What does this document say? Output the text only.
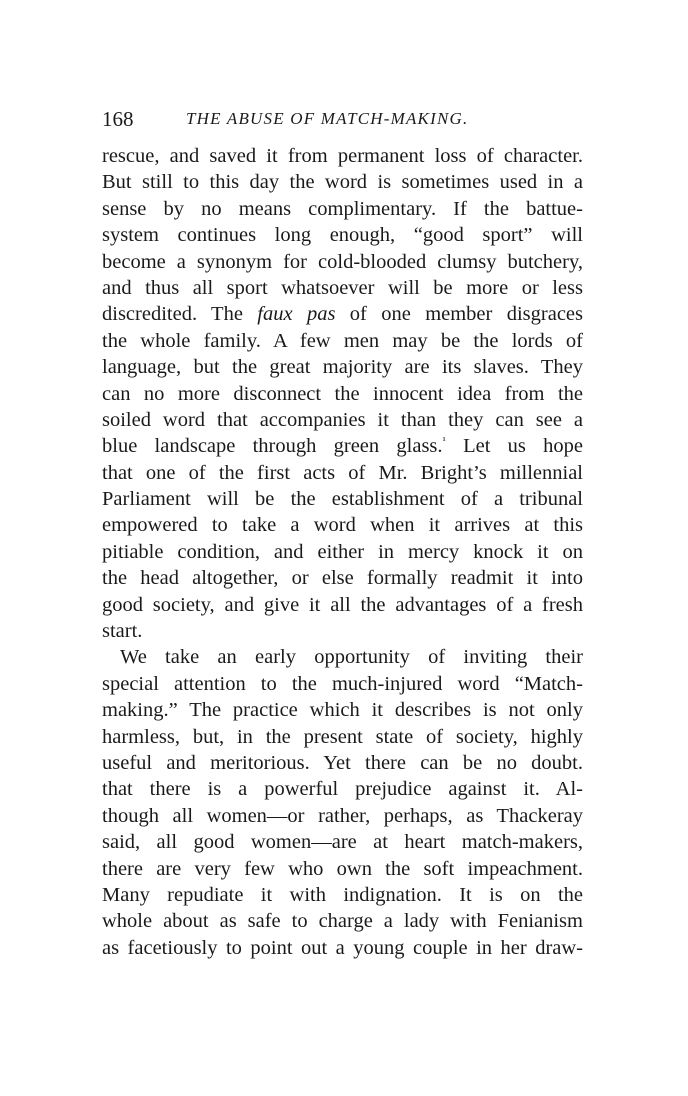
168	THE ABUSE OF MATCH-MAKING.
rescue, and saved it from permanent loss of character.
But still to this day the word is sometimes used in a
sense by no means complimentary. If the battue-
system continues long enough, “good sport” will
become a synonym for cold-blooded clumsy butchery,
and thus all sport whatsoever will be more or less
discredited. The faux pas of one member disgraces
the whole family. A few men may be the lords of
language, but the great majority are its slaves. They
can no more disconnect the innocent idea from the
soiled word that accompanies it than they can see a
blue landscape through green glass.$^{^1}$ Let us hope
that one of the first acts of Mr. Bright’s millennial
Parliament will be the establishment of a tribunal
empowered to take a word when it arrives at this
pitiable condition, and either in mercy knock it on
the head altogether, or else formally readmit it into
good society, and give it all the advantages of a fresh
start.
We take an early opportunity of inviting their
special attention to the much-injured word “Match-
making.” The practice which it describes is not only
harmless, but, in the present state of society, highly
useful and meritorious. Yet there can be no doubt.
that there is a powerful prejudice against it. Al-
though all women—or rather, perhaps, as Thackeray
said, all good women—are at heart match-makers,
there are very few who own the soft impeachment.
Many repudiate it with indignation. It is on the
whole about as safe to charge a lady with Fenianism
as facetiously to point out a young couple in her draw-
